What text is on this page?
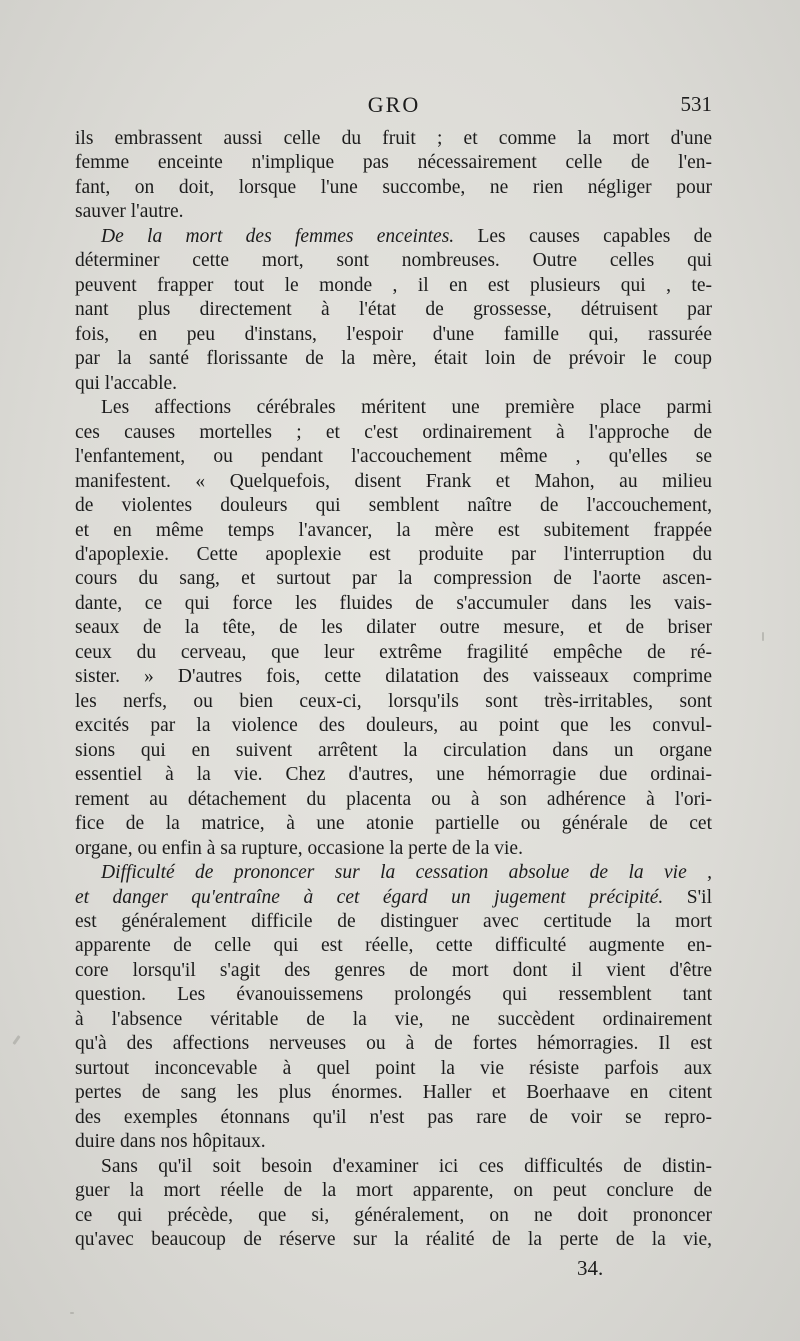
GRO	531
ils embrassent aussi celle du fruit ; et comme la mort d'une
femme enceinte n'implique pas nécessairement celle de l'en-
fant, on doit, lorsque l'une succombe, ne rien négliger pour
sauver l'autre.
De la mort des femmes enceintes. Les causes capables de
déterminer cette mort, sont nombreuses. Outre celles qui
peuvent frapper tout le monde , il en est plusieurs qui , te-
nant plus directement à l'état de grossesse, détruisent par
fois, en peu d'instans, l'espoir d'une famille qui, rassurée
par la santé florissante de la mère, était loin de prévoir le coup
qui l'accable.
Les affections cérébrales méritent une première place parmi
ces causes mortelles ; et c'est ordinairement à l'approche de
l'enfantement, ou pendant l'accouchement même , qu'elles se
manifestent. « Quelquefois, disent Frank et Mahon, au milieu
de violentes douleurs qui semblent naître de l'accouchement,
et en même temps l'avancer, la mère est subitement frappée
d'apoplexie. Cette apoplexie est produite par l'interruption du
cours du sang, et surtout par la compression de l'aorte ascen-
dante, ce qui force les fluides de s'accumuler dans les vais-
seaux de la tête, de les dilater outre mesure, et de briser
ceux du cerveau, que leur extrême fragilité empêche de ré-
sister. » D'autres fois, cette dilatation des vaisseaux comprime
les nerfs, ou bien ceux-ci, lorsqu'ils sont très-irritables, sont
excités par la violence des douleurs, au point que les convul-
sions qui en suivent arrêtent la circulation dans un organe
essentiel à la vie. Chez d'autres, une hémorragie due ordinai-
rement au détachement du placenta ou à son adhérence à l'ori-
fice de la matrice, à une atonie partielle ou générale de cet
organe, ou enfin à sa rupture, occasione la perte de la vie.
Difficulté de prononcer sur la cessation absolue de la vie ,
et danger qu'entraîne à cet égard un jugement précipité. S'il
est généralement difficile de distinguer avec certitude la mort
apparente de celle qui est réelle, cette difficulté augmente en-
core lorsqu'il s'agit des genres de mort dont il vient d'être
question. Les évanouissemens prolongés qui ressemblent tant
à l'absence véritable de la vie, ne succèdent ordinairement
qu'à des affections nerveuses ou à de fortes hémorragies. Il est
surtout inconcevable à quel point la vie résiste parfois aux
pertes de sang les plus énormes. Haller et Boerhaave en citent
des exemples étonnans qu'il n'est pas rare de voir se repro-
duire dans nos hôpitaux.
Sans qu'il soit besoin d'examiner ici ces difficultés de distin-
guer la mort réelle de la mort apparente, on peut conclure de
ce qui précède, que si, généralement, on ne doit prononcer
qu'avec beaucoup de réserve sur la réalité de la perte de la vie,
34.
